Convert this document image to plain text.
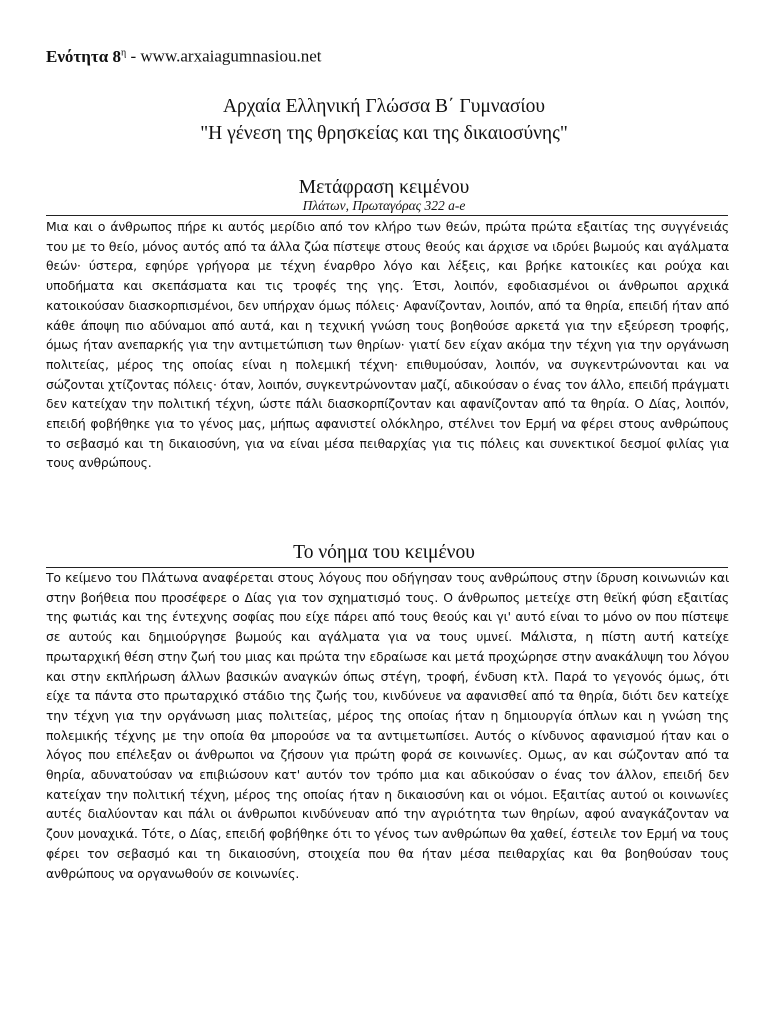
Ενότητα $8^\eta$ - www.arxaiagumnasiou.net
Αρχαία Ελληνική Γλώσσα Β΄ Γυμνασίου
"Η γένεση της θρησκείας και της δικαιοσύνης"
Μετάφραση κειμένου
Πλάτων, Πρωταγόρας 322 a-e

Μια και ο άνθρωπος πήρε κι αυτός μερίδιο από τον κλήρο των θεών, πρώτα πρώτα εξαιτίας της συγγένειάς του με το θείο, μόνος αυτός από τα άλλα ζώα πίστεψε στους θεούς και άρχισε να ιδρύει βωμούς και αγάλματα θεών· ύστερα, εφηύρε γρήγορα με τέχνη έναρθρο λόγο και λέξεις, και βρήκε κατοικίες και ρούχα και υποδήματα και σκεπάσματα και τις τροφές της γης. Έτσι, λοιπόν, εφοδιασμένοι οι άνθρωποι αρχικά κατοικούσαν διασκορπισμένοι, δεν υπήρχαν όμως πόλεις· Αφανίζονταν, λοιπόν, από τα θηρία, επειδή ήταν από κάθε άποψη πιο αδύναμοι από αυτά, και η τεχνική γνώση τους βοηθούσε αρκετά για την εξεύρεση τροφής, όμως ήταν ανεπαρκής για την αντιμετώπιση των θηρίων· γιατί δεν είχαν ακόμα την τέχνη για την οργάνωση πολιτείας, μέρος της οποίας είναι η πολεμική τέχνη· επιθυμούσαν, λοιπόν, να συγκεντρώνονται και να σώζονται χτίζοντας πόλεις· όταν, λοιπόν, συγκεντρώνονταν μαζί, αδικούσαν ο ένας τον άλλο, επειδή πράγματι δεν κατείχαν την πολιτική τέχνη, ώστε πάλι διασκορπίζονταν και αφανίζονταν από τα θηρία. Ο Δίας, λοιπόν, επειδή φοβήθηκε για το γένος μας, μήπως αφανιστεί ολόκληρο, στέλνει τον Ερμή να φέρει στους ανθρώπους το σεβασμό και τη δικαιοσύνη, για να είναι μέσα πειθαρχίας για τις πόλεις και συνεκτικοί δεσμοί φιλίας για τους ανθρώπους.

Το νόημα του κειμένου

Το κείμενο του Πλάτωνα αναφέρεται στους λόγους που οδήγησαν τους ανθρώπους στην ίδρυση κοινωνιών και στην βοήθεια που προσέφερε ο Δίας για τον σχηματισμό τους. Ο άνθρωπος μετείχε στη θεϊκή φύση εξαιτίας της φωτιάς και της έντεχνης σοφίας που είχε πάρει από τους θεούς και γι' αυτό είναι το μόνο ον που πίστεψε σε αυτούς και δημιούργησε βωμούς και αγάλματα για να τους υμνεί. Μάλιστα, η πίστη αυτή κατείχε πρωταρχική θέση στην ζωή του μιας και πρώτα την εδραίωσε και μετά προχώρησε στην ανακάλυψη του λόγου και στην εκπλήρωση άλλων βασικών αναγκών όπως στέγη, τροφή, ένδυση κτλ. Παρά το γεγονός όμως, ότι είχε τα πάντα στο πρωταρχικό στάδιο της ζωής του, κινδύνευε να αφανισθεί από τα θηρία, διότι δεν κατείχε την τέχνη για την οργάνωση μιας πολιτείας, μέρος της οποίας ήταν η δημιουργία όπλων και η γνώση της πολεμικής τέχνης με την οποία θα μπορούσε να τα αντιμετωπίσει. Αυτός ο κίνδυνος αφανισμού ήταν και ο λόγος που επέλεξαν οι άνθρωποι να ζήσουν για πρώτη φορά σε κοινωνίες. Ομως, αν και σώζονταν από τα θηρία, αδυνατούσαν να επιβιώσουν κατ' αυτόν τον τρόπο μια και αδικούσαν ο ένας τον άλλον, επειδή δεν κατείχαν την πολιτική τέχνη, μέρος της οποίας ήταν η δικαιοσύνη και οι νόμοι. Εξαιτίας αυτού οι κοινωνίες αυτές διαλύονταν και πάλι οι άνθρωποι κινδύνευαν από την αγριότητα των θηρίων, αφού αναγκάζονταν να ζουν μοναχικά. Τότε, ο Δίας, επειδή φοβήθηκε ότι το γένος των ανθρώπων θα χαθεί, έστειλε τον Ερμή να τους φέρει τον σεβασμό και τη δικαιοσύνη, στοιχεία που θα ήταν μέσα πειθαρχίας και θα βοηθούσαν τους ανθρώπους να οργανωθούν σε κοινωνίες.
